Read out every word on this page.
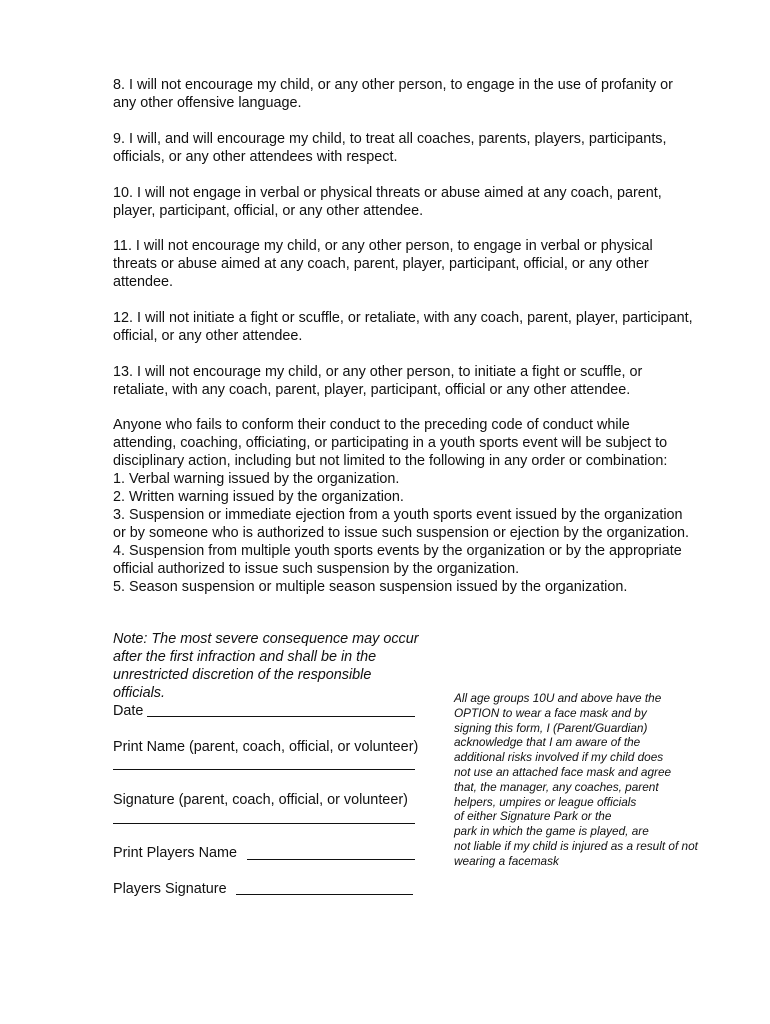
8. I will not encourage my child, or any other person, to engage in the use of profanity or any other offensive language.

9. I will, and will encourage my child, to treat all coaches, parents, players, participants, officials, or any other attendees with respect.

10. I will not engage in verbal or physical threats or abuse aimed at any coach, parent, player, participant, official, or any other attendee.

11. I will not encourage my child, or any other person, to engage in verbal or physical threats or abuse aimed at any coach, parent, player, participant, official, or any other attendee.

12. I will not initiate a fight or scuffle, or retaliate, with any coach, parent, player, participant, official, or any other attendee.

13. I will not encourage my child, or any other person, to initiate a fight or scuffle, or retaliate, with any coach, parent, player, participant, official or any other attendee.

Anyone who fails to conform their conduct to the preceding code of conduct while attending, coaching, officiating, or participating in a youth sports event will be subject to disciplinary action, including but not limited to the following in any order or combination:
1. Verbal warning issued by the organization.
2. Written warning issued by the organization.
3. Suspension or immediate ejection from a youth sports event issued by the organization or by someone who is authorized to issue such suspension or ejection by the organization.
4. Suspension from multiple youth sports events by the organization or by the appropriate official authorized to issue such suspension by the organization.
5. Season suspension or multiple season suspension issued by the organization.
Note: The most severe consequence may occur
after the first infraction and shall be in the
unrestricted discretion of the responsible
officials.
Date
Print Name (parent, coach, official, or volunteer)
Signature (parent, coach, official, or volunteer)
Print Players Name
Players Signature
All age groups 10U and above have the
OPTION to wear a face mask and by
signing this form, I (Parent/Guardian)
acknowledge that I am aware of the
additional risks involved if my child does
not use an attached face mask and agree
that, the manager, any coaches, parent
helpers, umpires or league officials
of either Signature Park or the
park in which the game is played, are
not liable if my child is injured as a result of not
wearing a facemask
